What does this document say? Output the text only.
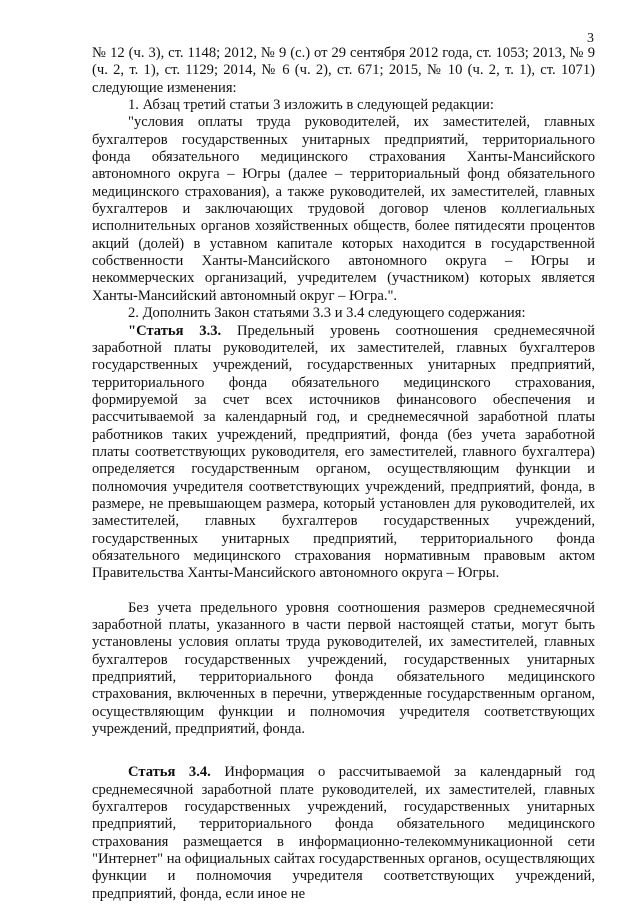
3

№ 12 (ч. 3), ст. 1148; 2012, № 9 (с.) от 29 сентября 2012 года, ст. 1053; 2013, № 9 (ч. 2, т. 1), ст. 1129; 2014, № 6 (ч. 2), ст. 671; 2015, № 10 (ч. 2, т. 1), ст. 1071) следующие изменения:

1. Абзац третий статьи 3 изложить в следующей редакции:

"условия оплаты труда руководителей, их заместителей, главных бухгалтеров государственных унитарных предприятий, территориального фонда обязательного медицинского страхования Ханты-Мансийского автономного округа – Югры (далее – территориальный фонд обязательного медицинского страхования), а также руководителей, их заместителей, главных бухгалтеров и заключающих трудовой договор членов коллегиальных исполнительных органов хозяйственных обществ, более пятидесяти процентов акций (долей) в уставном капитале которых находится в государственной собственности Ханты-Мансийского автономного округа – Югры и некоммерческих организаций, учредителем (участником) которых является Ханты-Мансийский автономный округ – Югра.".

2. Дополнить Закон статьями 3.3 и 3.4 следующего содержания:

"Статья 3.3. Предельный уровень соотношения среднемесячной заработной платы руководителей, их заместителей, главных бухгалтеров государственных учреждений, государственных унитарных предприятий, территориального фонда обязательного медицинского страхования, формируемой за счет всех источников финансового обеспечения и рассчитываемой за календарный год, и среднемесячной заработной платы работников таких учреждений, предприятий, фонда (без учета заработной платы соответствующих руководителя, его заместителей, главного бухгалтера) определяется государственным органом, осуществляющим функции и полномочия учредителя соответствующих учреждений, предприятий, фонда, в размере, не превышающем размера, который установлен для руководителей, их заместителей, главных бухгалтеров государственных учреждений, государственных унитарных предприятий, территориального фонда обязательного медицинского страхования нормативным правовым актом Правительства Ханты-Мансийского автономного округа – Югры.

Без учета предельного уровня соотношения размеров среднемесячной заработной платы, указанного в части первой настоящей статьи, могут быть установлены условия оплаты труда руководителей, их заместителей, главных бухгалтеров государственных учреждений, государственных унитарных предприятий, территориального фонда обязательного медицинского страхования, включенных в перечни, утвержденные государственным органом, осуществляющим функции и полномочия учредителя соответствующих учреждений, предприятий, фонда.

Статья 3.4. Информация о рассчитываемой за календарный год среднемесячной заработной плате руководителей, их заместителей, главных бухгалтеров государственных учреждений, государственных унитарных предприятий, территориального фонда обязательного медицинского страхования размещается в информационно-телекоммуникационной сети "Интернет" на официальных сайтах государственных органов, осуществляющих функции и полномочия учредителя соответствующих учреждений, предприятий, фонда, если иное не
